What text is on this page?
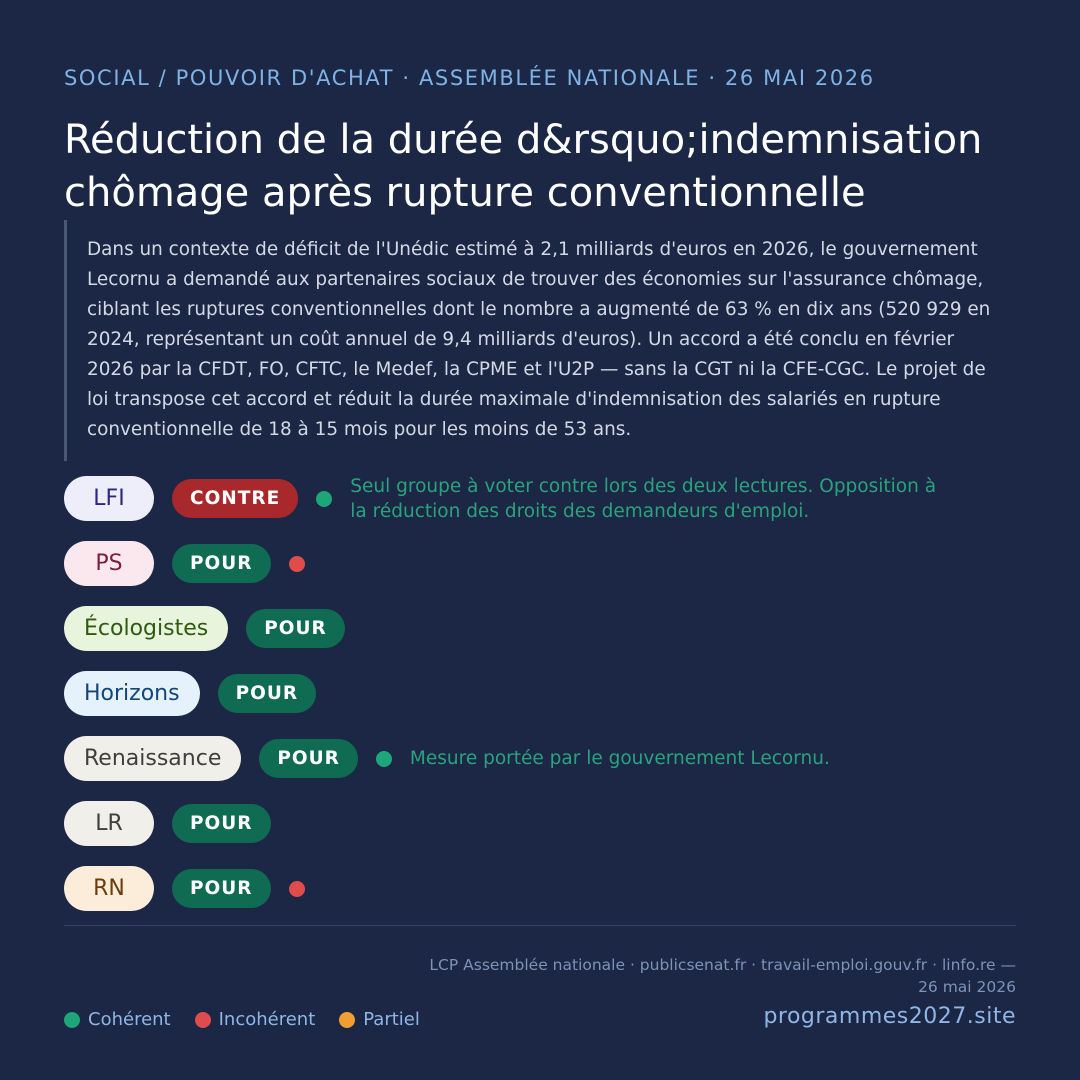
SOCIAL / POUVOIR D'ACHAT · ASSEMBLÉE NATIONALE · 26 MAI 2026
Réduction de la durée d&rsquo;indemnisation chômage après rupture conventionnelle
Dans un contexte de déficit de l'Unédic estimé à 2,1 milliards d'euros en 2026, le gouvernement Lecornu a demandé aux partenaires sociaux de trouver des économies sur l'assurance chômage, ciblant les ruptures conventionnelles dont le nombre a augmenté de 63 % en dix ans (520 929 en 2024, représentant un coût annuel de 9,4 milliards d'euros). Un accord a été conclu en février 2026 par la CFDT, FO, CFTC, le Medef, la CPME et l'U2P — sans la CGT ni la CFE-CGC. Le projet de loi transpose cet accord et réduit la durée maximale d'indemnisation des salariés en rupture conventionnelle de 18 à 15 mois pour les moins de 53 ans.
LFI	CONTRE
Seul groupe à voter contre lors des deux lectures. Opposition à la réduction des droits des demandeurs d'emploi.
PS	POUR
Écologistes	POUR
Horizons	POUR
Renaissance	POUR	Mesure portée par le gouvernement Lecornu.
LR	POUR
RN	POUR
LCP Assemblée nationale · publicsenat.fr · travail-emploi.gouv.fr · linfo.re — 26 mai 2026
Cohérent	Incohérent	Partiel	programmes2027.site
